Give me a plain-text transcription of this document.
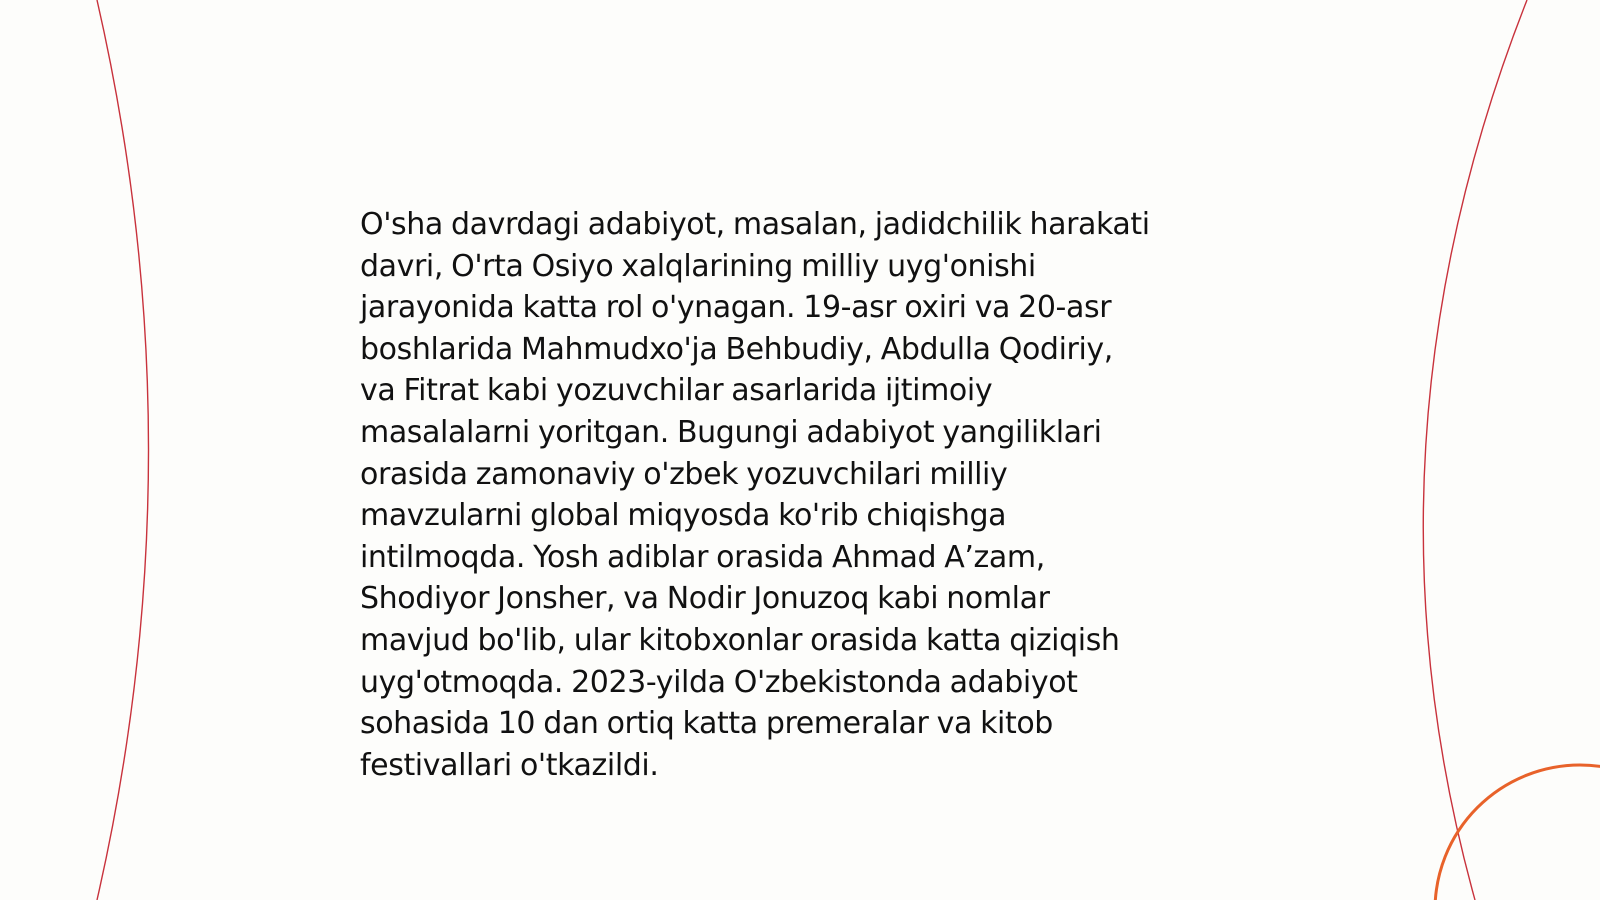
O'sha davrdagi adabiyot, masalan, jadidchilik harakati
davri, O'rta Osiyo xalqlarining milliy uyg'onishi
jarayonida katta rol o'ynagan. 19-asr oxiri va 20-asr
boshlarida Mahmudxo'ja Behbudiy, Abdulla Qodiriy,
va Fitrat kabi yozuvchilar asarlarida ijtimoiy
masalalarni yoritgan. Bugungi adabiyot yangiliklari
orasida zamonaviy o'zbek yozuvchilari milliy
mavzularni global miqyosda ko'rib chiqishga
intilmoqda. Yosh adiblar orasida Ahmad A’zam,
Shodiyor Jonsher, va Nodir Jonuzoq kabi nomlar
mavjud bo'lib, ular kitobxonlar orasida katta qiziqish
uyg'otmoqda. 2023-yilda O'zbekistonda adabiyot
sohasida 10 dan ortiq katta premeralar va kitob
festivallari o'tkazildi.
